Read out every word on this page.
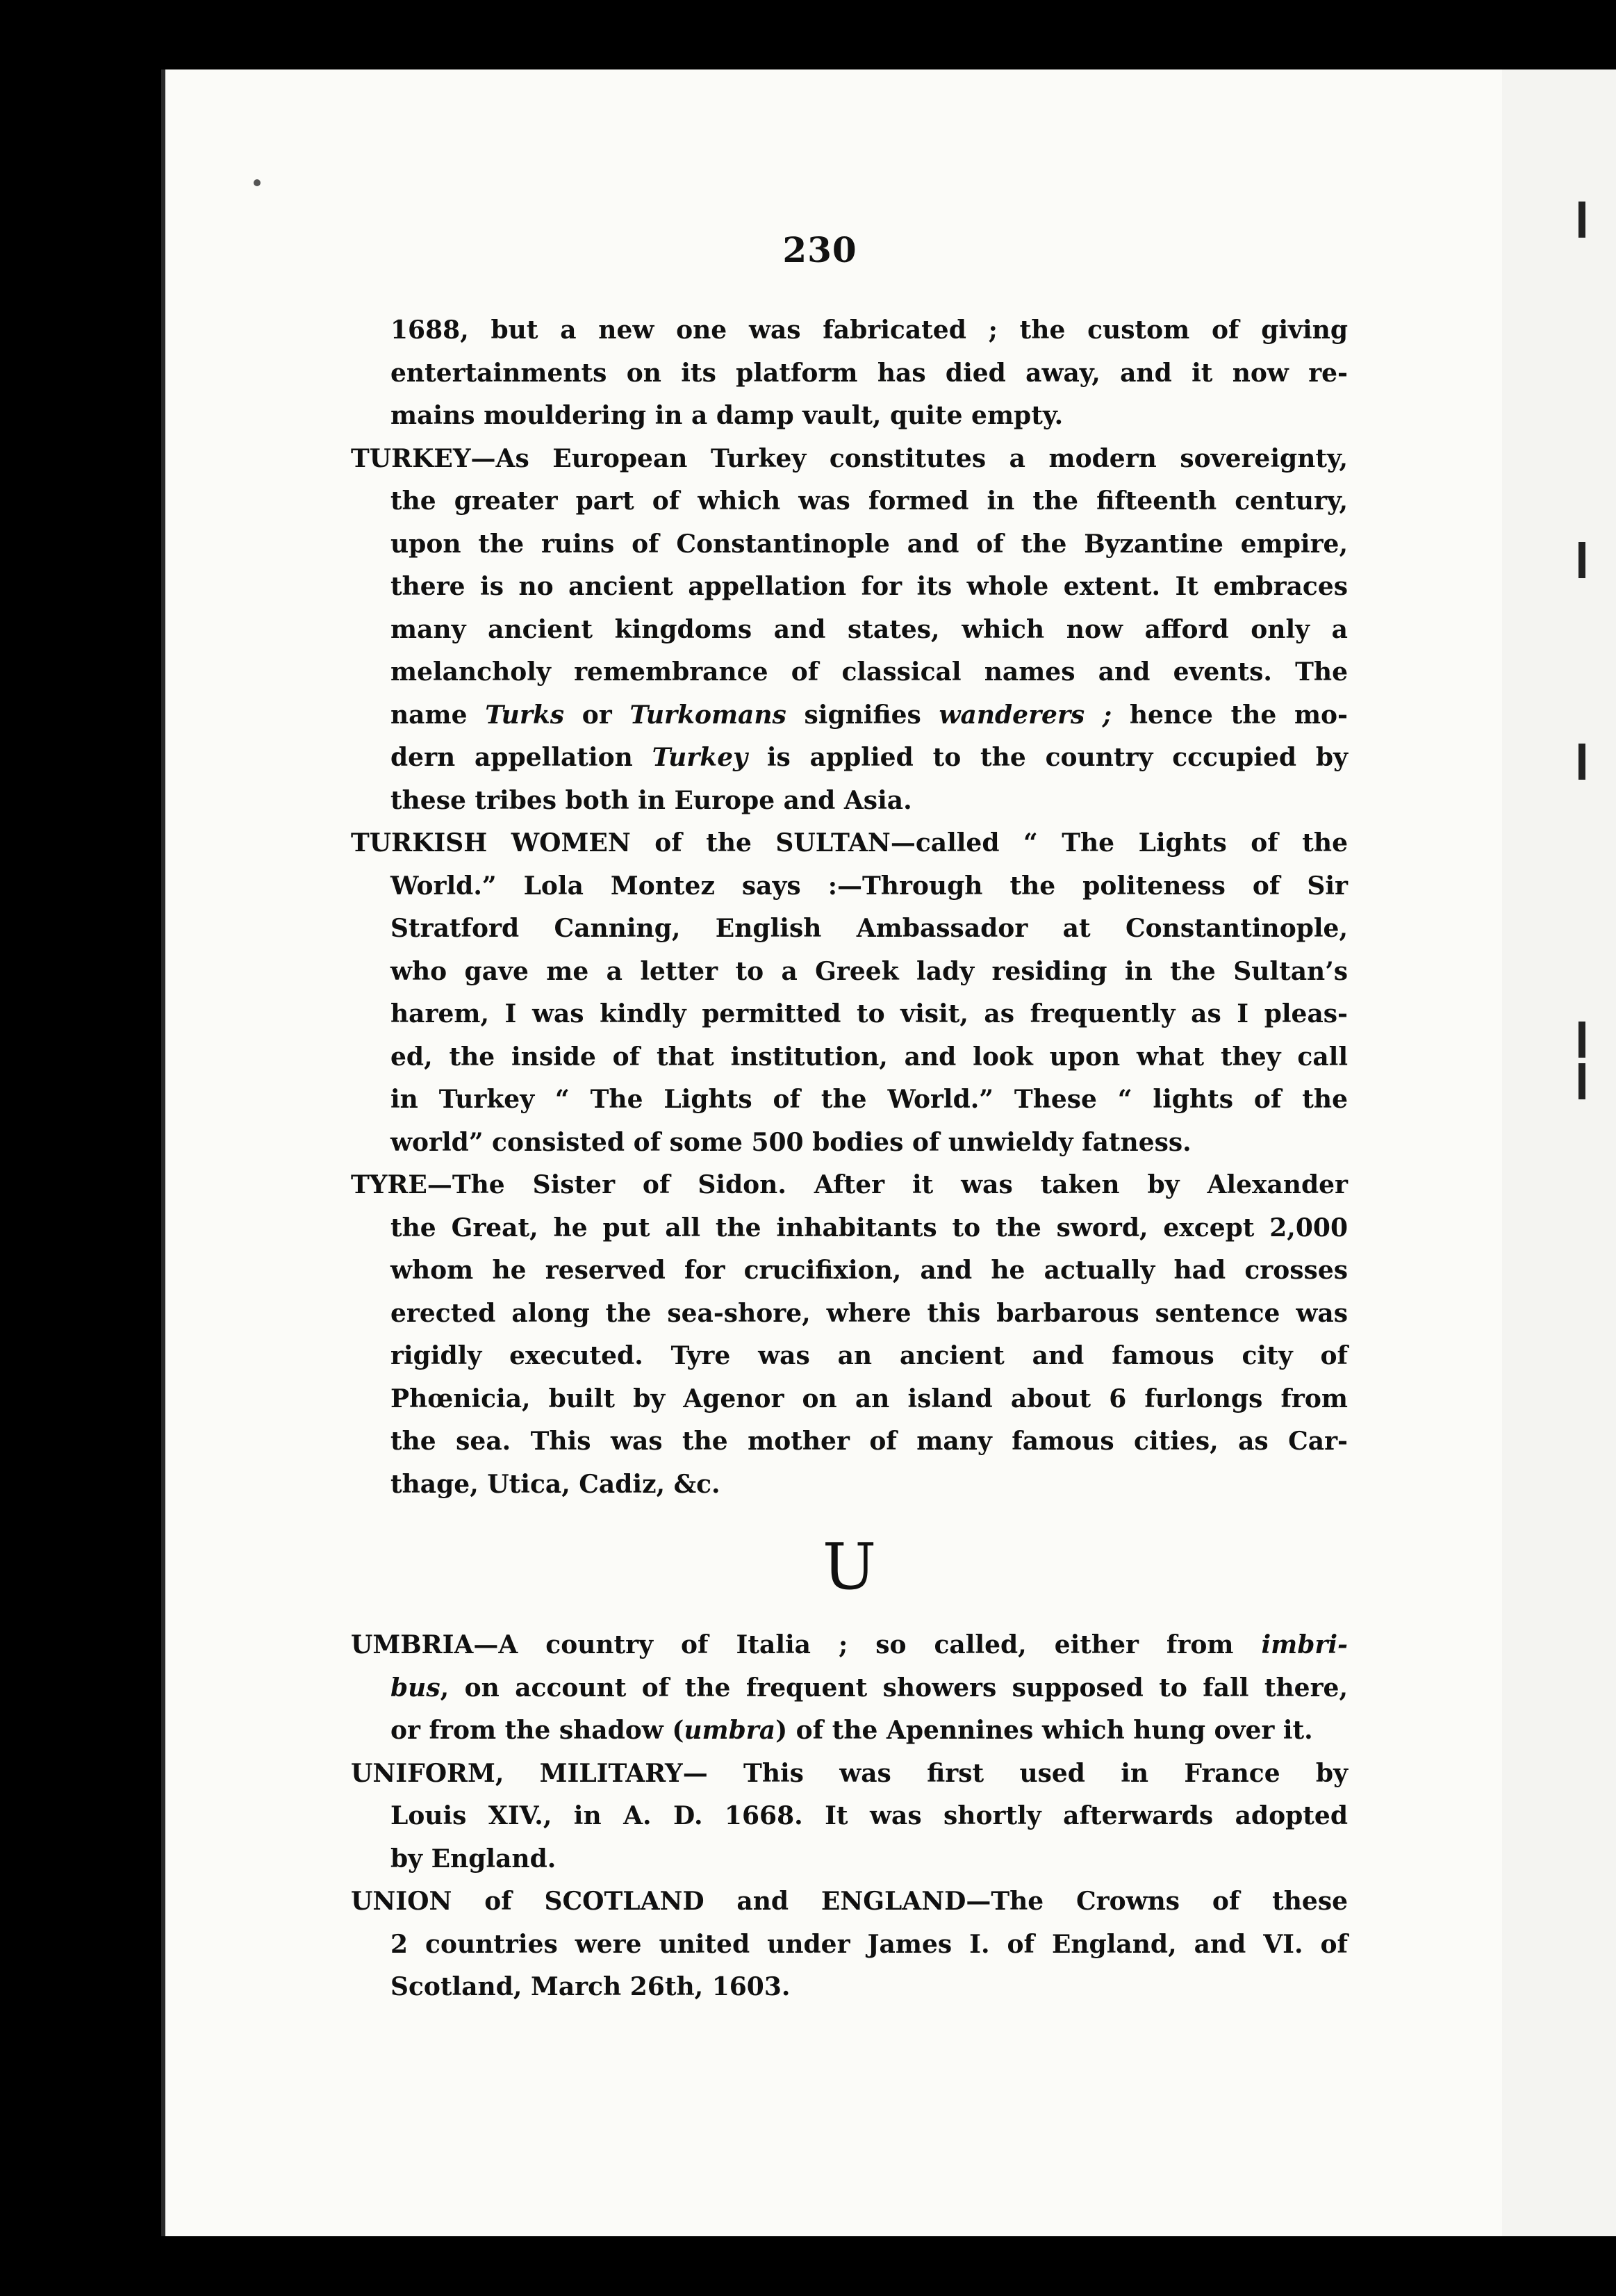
230
1688, but a new one was fabricated ; the custom of giving
entertainments on its platform has died away, and it now re-
mains mouldering in a damp vault, quite empty.
TURKEY—As European Turkey constitutes a modern sovereignty,
the greater part of which was formed in the fifteenth century,
upon the ruins of Constantinople and of the Byzantine empire,
there is no ancient appellation for its whole extent. It embraces
many ancient kingdoms and states, which now afford only a
melancholy remembrance of classical names and events. The
name Turks or Turkomans signifies wanderers ; hence the mo-
dern appellation Turkey is applied to the country cccupied by
these tribes both in Europe and Asia.
TURKISH WOMEN of the SULTAN—called “ The Lights of the
World.” Lola Montez says :—Through the politeness of Sir
Stratford Canning, English Ambassador at Constantinople,
who gave me a letter to a Greek lady residing in the Sultan’s
harem, I was kindly permitted to visit, as frequently as I pleas-
ed, the inside of that institution, and look upon what they call
in Turkey “ The Lights of the World.” These “ lights of the
world” consisted of some 500 bodies of unwieldy fatness.
TYRE—The Sister of Sidon. After it was taken by Alexander
the Great, he put all the inhabitants to the sword, except 2,000
whom he reserved for crucifixion, and he actually had crosses
erected along the sea-shore, where this barbarous sentence was
rigidly executed. Tyre was an ancient and famous city of
Phœnicia, built by Agenor on an island about 6 furlongs from
the sea. This was the mother of many famous cities, as Car-
thage, Utica, Cadiz, &c.
U
UMBRIA—A country of Italia ; so called, either from imbri-
bus, on account of the frequent showers supposed to fall there,
or from the shadow (umbra) of the Apennines which hung over it.
UNIFORM, MILITARY— This was first used in France by
Louis XIV., in A. D. 1668. It was shortly afterwards adopted
by England.
UNION of SCOTLAND and ENGLAND—The Crowns of these
2 countries were united under James I. of England, and VI. of
Scotland, March 26th, 1603.
